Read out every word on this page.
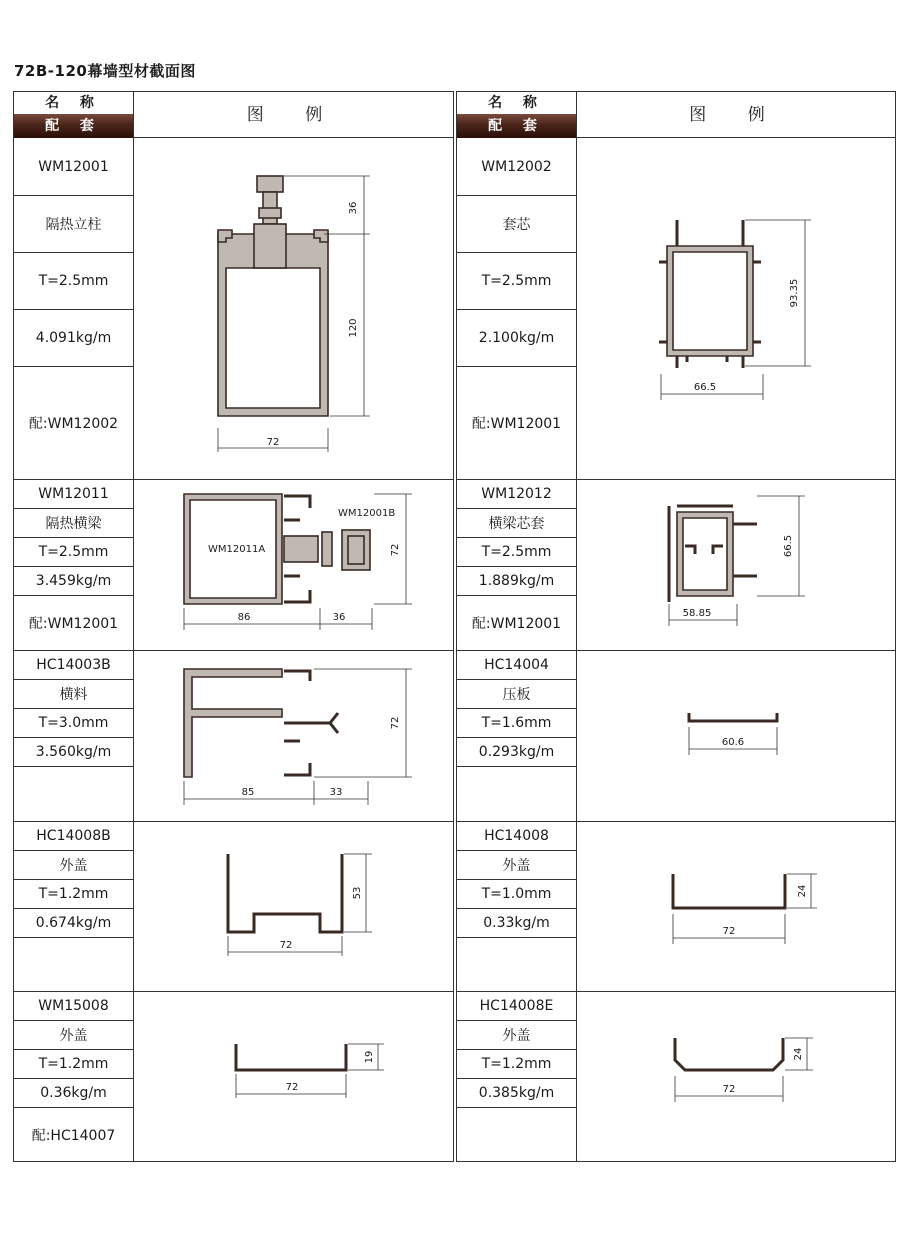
72B-120幕墙型材截面图
名 称
配 套
图 例
WM12001
隔热立柱
T=2.5mm
4.091kg/m
配:WM12002
72
36
120
WM12011
隔热横梁
T=2.5mm
3.459kg/m
配:WM12001
WM12011A
WM12001B
86	36
72
HC14003B
横料
T=3.0mm
3.560kg/m
85	33
72
HC14008B
外盖
T=1.2mm
0.674kg/m
72
53
WM15008
外盖
T=1.2mm
0.36kg/m
配:HC14007
72
19
名 称
配 套
图 例
WM12002
套芯
T=2.5mm
2.100kg/m
配:WM12001
66.5
93.35
WM12012
横梁芯套
T=2.5mm
1.889kg/m
配:WM12001
58.85
66.5
HC14004
压板
T=1.6mm
0.293kg/m
60.6
HC14008
外盖
T=1.0mm
0.33kg/m
72
24
HC14008E
外盖
T=1.2mm
0.385kg/m	72
24
